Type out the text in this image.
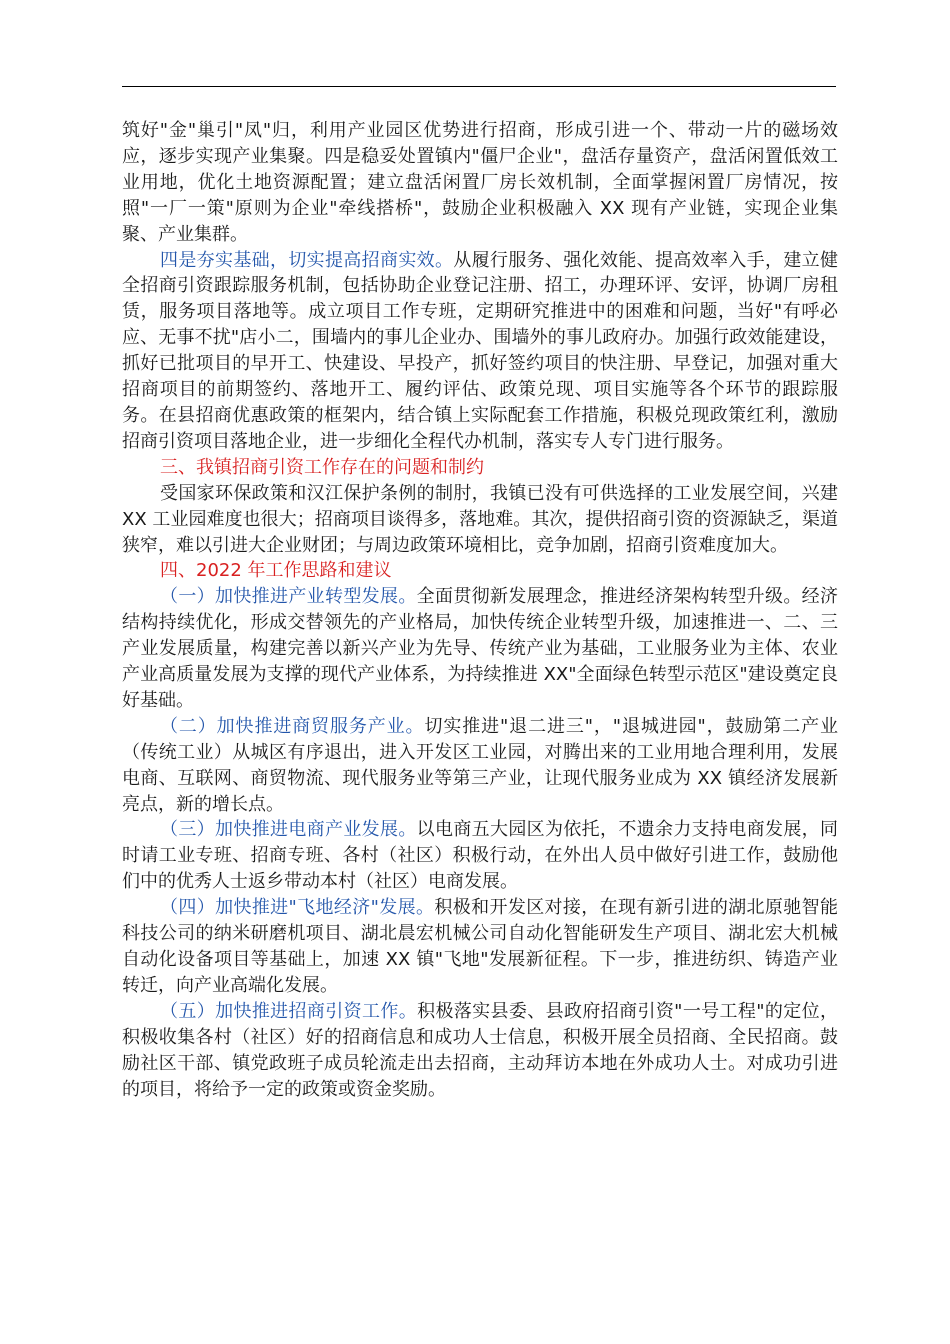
筑好"金"巢引"凤"归，利用产业园区优势进行招商，形成引进一个、带动一片的磁场效应，逐步实现产业集聚。四是稳妥处置镇内"僵尸企业"，盘活存量资产，盘活闲置低效工业用地，优化土地资源配置；建立盘活闲置厂房长效机制，全面掌握闲置厂房情况，按照"一厂一策"原则为企业"牵线搭桥"，鼓励企业积极融入 XX 现有产业链，实现企业集聚、产业集群。

四是夯实基础，切实提高招商实效。从履行服务、强化效能、提高效率入手，建立健全招商引资跟踪服务机制，包括协助企业登记注册、招工，办理环评、安评，协调厂房租赁，服务项目落地等。成立项目工作专班，定期研究推进中的困难和问题，当好"有呼必应、无事不扰"店小二，围墙内的事儿企业办、围墙外的事儿政府办。加强行政效能建设，抓好已批项目的早开工、快建设、早投产，抓好签约项目的快注册、早登记，加强对重大招商项目的前期签约、落地开工、履约评估、政策兑现、项目实施等各个环节的跟踪服务。在县招商优惠政策的框架内，结合镇上实际配套工作措施，积极兑现政策红利，激励招商引资项目落地企业，进一步细化全程代办机制，落实专人专门进行服务。

三、我镇招商引资工作存在的问题和制约

受国家环保政策和汉江保护条例的制肘，我镇已没有可供选择的工业发展空间，兴建 XX 工业园难度也很大；招商项目谈得多，落地难。其次，提供招商引资的资源缺乏，渠道狭窄，难以引进大企业财团；与周边政策环境相比，竞争加剧，招商引资难度加大。

四、2022 年工作思路和建议

（一）加快推进产业转型发展。全面贯彻新发展理念，推进经济架构转型升级。经济结构持续优化，形成交替领先的产业格局，加快传统企业转型升级，加速推进一、二、三产业发展质量，构建完善以新兴产业为先导、传统产业为基础，工业服务业为主体、农业产业高质量发展为支撑的现代产业体系，为持续推进 XX"全面绿色转型示范区"建设奠定良好基础。

（二）加快推进商贸服务产业。切实推进"退二进三"，"退城进园"，鼓励第二产业（传统工业）从城区有序退出，进入开发区工业园，对腾出来的工业用地合理利用，发展电商、互联网、商贸物流、现代服务业等第三产业，让现代服务业成为 XX 镇经济发展新亮点，新的增长点。

（三）加快推进电商产业发展。以电商五大园区为依托，不遗余力支持电商发展，同时请工业专班、招商专班、各村（社区）积极行动，在外出人员中做好引进工作，鼓励他们中的优秀人士返乡带动本村（社区）电商发展。

（四）加快推进"飞地经济"发展。积极和开发区对接，在现有新引进的湖北原驰智能科技公司的纳米研磨机项目、湖北晨宏机械公司自动化智能研发生产项目、湖北宏大机械自动化设备项目等基础上，加速 XX 镇"飞地"发展新征程。下一步，推进纺织、铸造产业转迁，向产业高端化发展。

（五）加快推进招商引资工作。积极落实县委、县政府招商引资"一号工程"的定位，积极收集各村（社区）好的招商信息和成功人士信息，积极开展全员招商、全民招商。鼓励社区干部、镇党政班子成员轮流走出去招商，主动拜访本地在外成功人士。对成功引进的项目，将给予一定的政策或资金奖励。
